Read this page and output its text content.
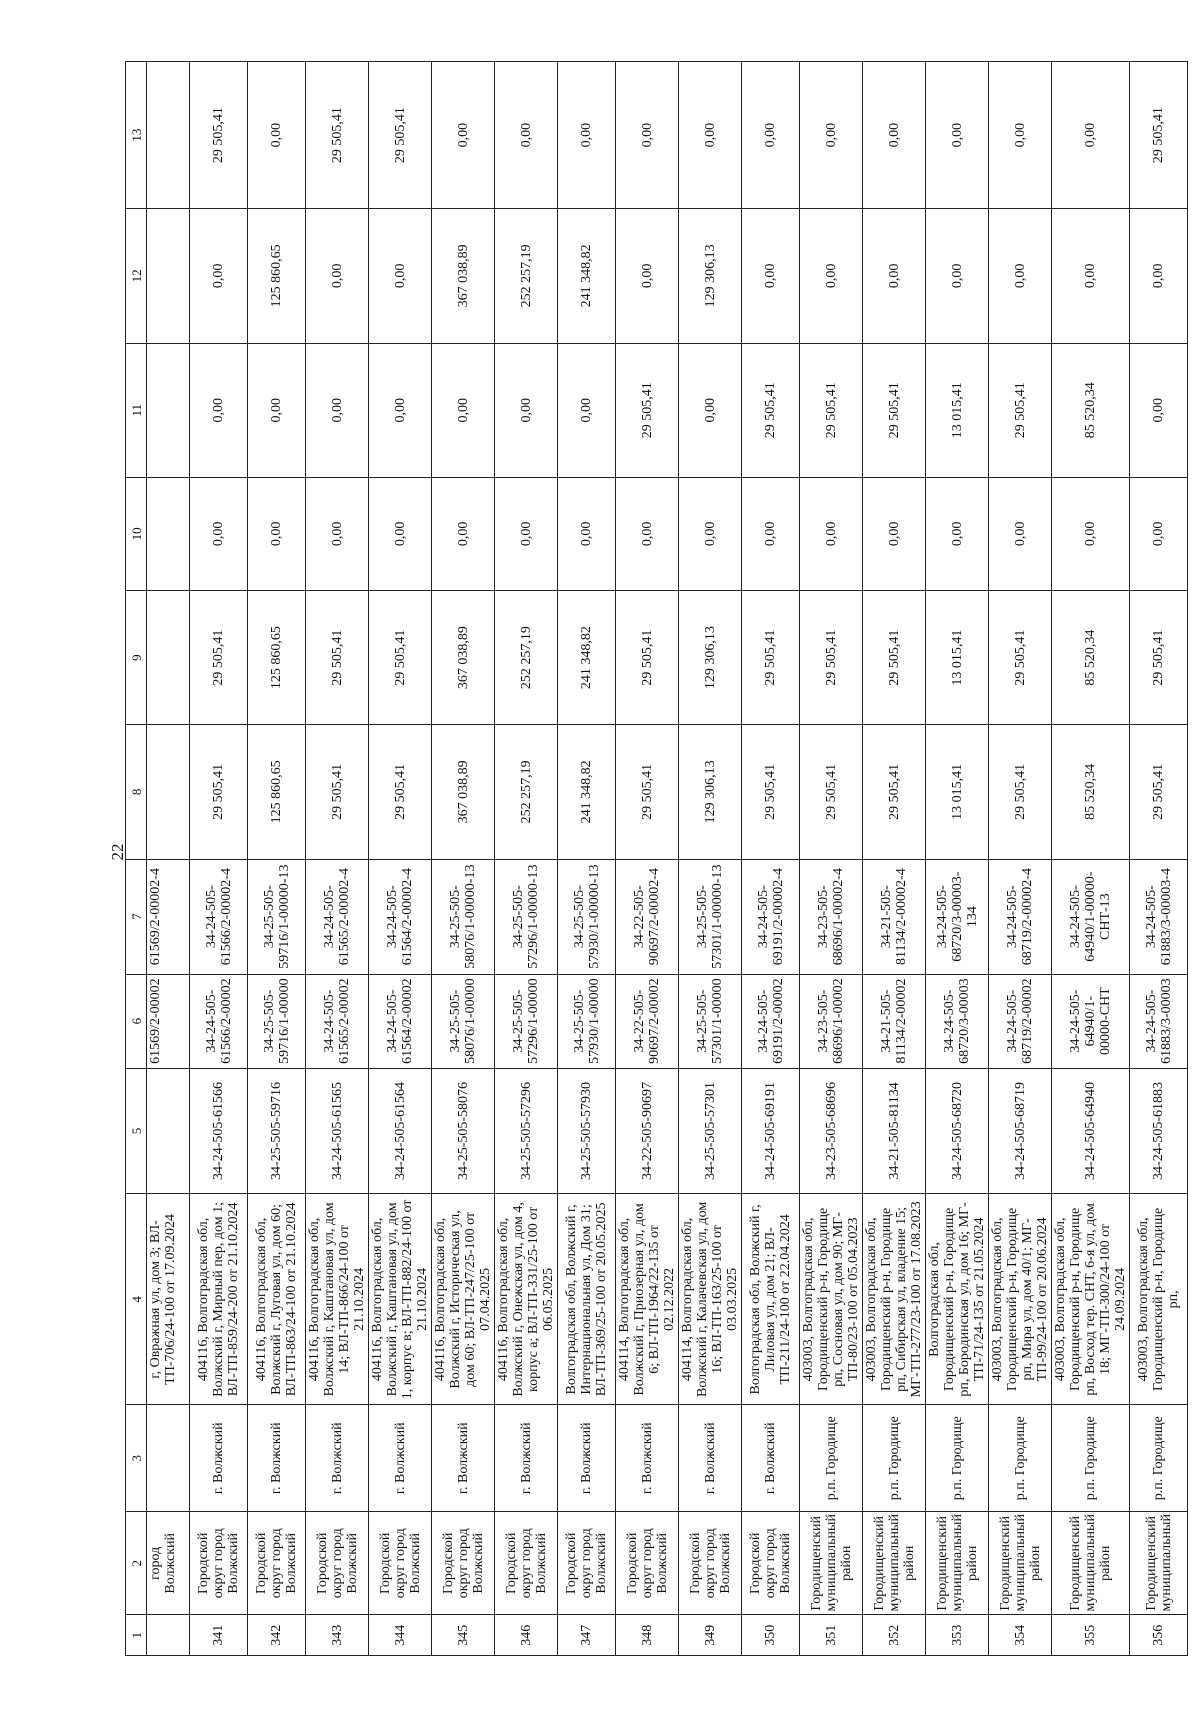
22
1	2	3	4	5	6	7	8	9	10	11	12	13
	город Волжский		г, Овражная ул, дом 3; ВЛ-ТП-706/24-100 от 17.09.2024		61569/2-00002	61569/2-00002-4						
341	Городской округ город Волжский	г. Волжский	404116, Волгоградская обл, Волжский г, Мирный пер, дом 1; ВЛ-ТП-859/24-200 от 21.10.2024	34-24-505-61566	34-24-505-61566/2-00002	34-24-505-61566/2-00002-4	29 505,41	29 505,41	0,00	0,00	0,00	29 505,41
342	Городской округ город Волжский	г. Волжский	404116, Волгоградская обл, Волжский г, Луговая ул, дом 60; ВЛ-ТП-863/24-100 от 21.10.2024	34-25-505-59716	34-25-505-59716/1-00000	34-25-505-59716/1-00000-13	125 860,65	125 860,65	0,00	0,00	125 860,65	0,00
343	Городской округ город Волжский	г. Волжский	404116, Волгоградская обл, Волжский г, Каштановая ул, дом 14; ВЛ-ТП-866/24-100 от 21.10.2024	34-24-505-61565	34-24-505-61565/2-00002	34-24-505-61565/2-00002-4	29 505,41	29 505,41	0,00	0,00	0,00	29 505,41
344	Городской округ город Волжский	г. Волжский	404116, Волгоградская обл, Волжский г, Каштановая ул, дом 1, корпус в; ВЛ-ТП-882/24-100 от 21.10.2024	34-24-505-61564	34-24-505-61564/2-00002	34-24-505-61564/2-00002-4	29 505,41	29 505,41	0,00	0,00	0,00	29 505,41
345	Городской округ город Волжский	г. Волжский	404116, Волгоградская обл, Волжский г, Историческая ул, дом 60; ВЛ-ТП-247/25-100 от 07.04.2025	34-25-505-58076	34-25-505-58076/1-00000	34-25-505-58076/1-00000-13	367 038,89	367 038,89	0,00	0,00	367 038,89	0,00
346	Городской округ город Волжский	г. Волжский	404116, Волгоградская обл, Волжский г, Онежская ул, дом 4, корпус а; ВЛ-ТП-331/25-100 от 06.05.2025	34-25-505-57296	34-25-505-57296/1-00000	34-25-505-57296/1-00000-13	252 257,19	252 257,19	0,00	0,00	252 257,19	0,00
347	Городской округ город Волжский	г. Волжский	Волгоградская обл, Волжский г, Интернациональная ул, Дом 31; ВЛ-ТП-369/25-100 от 20.05.2025	34-25-505-57930	34-25-505-57930/1-00000	34-25-505-57930/1-00000-13	241 348,82	241 348,82	0,00	0,00	241 348,82	0,00
348	Городской округ город Волжский	г. Волжский	404114, Волгоградская обл, Волжский г, Приозерная ул, дом 6; ВЛ-ТП-1964/22-135 от 02.12.2022	34-22-505-90697	34-22-505-90697/2-00002	34-22-505-90697/2-00002-4	29 505,41	29 505,41	0,00	29 505,41	0,00	0,00
349	Городской округ город Волжский	г. Волжский	404114, Волгоградская обл, Волжский г, Калачевская ул, дом 16; ВЛ-ТП-163/25-100 от 03.03.2025	34-25-505-57301	34-25-505-57301/1-00000	34-25-505-57301/1-00000-13	129 306,13	129 306,13	0,00	0,00	129 306,13	0,00
350	Городской округ город Волжский	г. Волжский	Волгоградская обл, Волжский г, Лиловая ул, дом 21; ВЛ-ТП-211/24-100 от 22.04.2024	34-24-505-69191	34-24-505-69191/2-00002	34-24-505-69191/2-00002-4	29 505,41	29 505,41	0,00	29 505,41	0,00	0,00
351	Городищенский муниципальный район	р.п. Городище	403003, Волгоградская обл, Городищенский р-н, Городище рп, Сосновая ул, дом 90; МГ-ТП-80/23-100 от 05.04.2023	34-23-505-68696	34-23-505-68696/1-00002	34-23-505-68696/1-00002-4	29 505,41	29 505,41	0,00	29 505,41	0,00	0,00
352	Городищенский муниципальный район	р.п. Городище	403003, Волгоградская обл, Городищенский р-н, Городище рп, Сибирская ул, владение 15; МГ-ТП-277/23-100 от 17.08.2023	34-21-505-81134	34-21-505-81134/2-00002	34-21-505-81134/2-00002-4	29 505,41	29 505,41	0,00	29 505,41	0,00	0,00
353	Городищенский муниципальный район	р.п. Городище	Волгоградская обл, Городищенский р-н, Городище рп, Бородинская ул, дом 16; МГ-ТП-71/24-135 от 21.05.2024	34-24-505-68720	34-24-505-68720/3-00003	34-24-505-68720/3-00003-134	13 015,41	13 015,41	0,00	13 015,41	0,00	0,00
354	Городищенский муниципальный район	р.п. Городище	403003, Волгоградская обл, Городищенский р-н, Городище рп, Мира ул, дом 40/1; МГ-ТП-99/24-100 от 20.06.2024	34-24-505-68719	34-24-505-68719/2-00002	34-24-505-68719/2-00002-4	29 505,41	29 505,41	0,00	29 505,41	0,00	0,00
355	Городищенский муниципальный район	р.п. Городище	403003, Волгоградская обл, Городищенский р-н, Городище рп, Восход тер. СНТ, 6-я ул, дом 18; МГ-ТП-300/24-100 от 24.09.2024	34-24-505-64940	34-24-505-64940/1-00000-СНТ	34-24-505-64940/1-00000-СНТ-13	85 520,34	85 520,34	0,00	85 520,34	0,00	0,00
356	Городищенский муниципальный	р.п. Городище	403003, Волгоградская обл, Городищенский р-н, Городище рп,	34-24-505-61883	34-24-505-61883/3-00003	34-24-505-61883/3-00003-4	29 505,41	29 505,41	0,00	0,00	0,00	29 505,41
